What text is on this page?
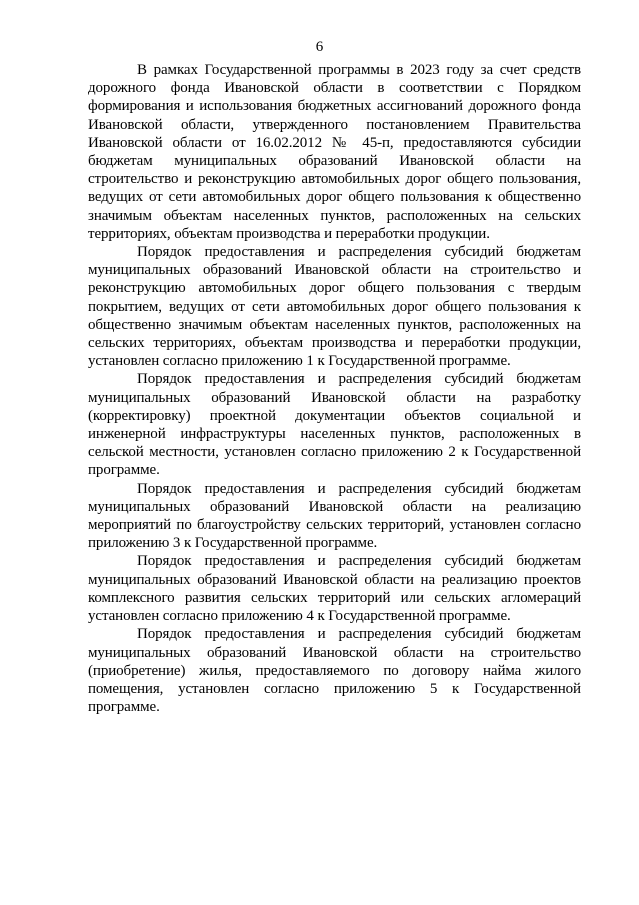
6

В рамках Государственной программы в 2023 году за счет средств дорожного фонда Ивановской области в соответствии с Порядком формирования и использования бюджетных ассигнований дорожного фонда Ивановской области, утвержденного постановлением Правительства Ивановской области от 16.02.2012 № 45-п, предоставляются субсидии бюджетам муниципальных образований Ивановской области на строительство и реконструкцию автомобильных дорог общего пользования, ведущих от сети автомобильных дорог общего пользования к общественно значимым объектам населенных пунктов, расположенных на сельских территориях, объектам производства и переработки продукции.

Порядок предоставления и распределения субсидий бюджетам муниципальных образований Ивановской области на строительство и реконструкцию автомобильных дорог общего пользования с твердым покрытием, ведущих от сети автомобильных дорог общего пользования к общественно значимым объектам населенных пунктов, расположенных на сельских территориях, объектам производства и переработки продукции, установлен согласно приложению 1 к Государственной программе.

Порядок предоставления и распределения субсидий бюджетам муниципальных образований Ивановской области на разработку (корректировку) проектной документации объектов социальной и инженерной инфраструктуры населенных пунктов, расположенных в сельской местности, установлен согласно приложению 2 к Государственной программе.

Порядок предоставления и распределения субсидий бюджетам муниципальных образований Ивановской области на реализацию мероприятий по благоустройству сельских территорий, установлен согласно приложению 3 к Государственной программе.

Порядок предоставления и распределения субсидий бюджетам муниципальных образований Ивановской области на реализацию проектов комплексного развития сельских территорий или сельских агломераций установлен согласно приложению 4 к Государственной программе.

Порядок предоставления и распределения субсидий бюджетам муниципальных образований Ивановской области на строительство (приобретение) жилья, предоставляемого по договору найма жилого помещения, установлен согласно приложению 5 к Государственной программе.
